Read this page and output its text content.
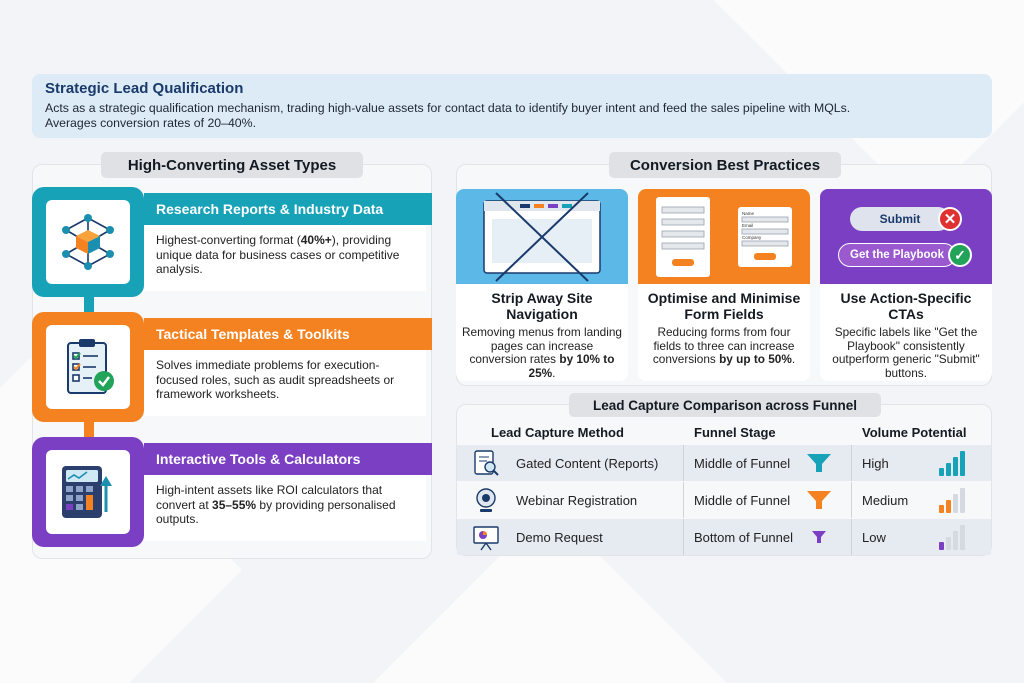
Strategic Lead Qualification

Acts as a strategic qualification mechanism, trading high-value assets for contact data to identify buyer intent and feed the sales pipeline with MQLs.
Averages conversion rates of 20–40%.

High-Converting Asset Types
Research Reports & Industry Data
Highest-converting format (40%+), providing unique data for business cases or competitive analysis.
Tactical Templates & Toolkits
Solves immediate problems for execution-focused roles, such as audit spreadsheets or framework worksheets.
Interactive Tools & Calculators
High-intent assets like ROI calculators that convert at 35–55% by providing personalised outputs.
Conversion Best Practices
Strip Away Site Navigation
Removing menus from landing pages can increase conversion rates by 10% to 25%.
Name
Email
Company
Optimise and Minimise Form Fields
Reducing forms from four fields to three can increase conversions by up to 50%.
Submit	✕
Get the Playbook ✓
Use Action-Specific CTAs
Specific labels like "Get the Playbook" consistently outperform generic "Submit" buttons.
Lead Capture Comparison across Funnel
Lead Capture Method	Funnel Stage	Volume Potential
Gated Content (Reports)	Middle of Funnel	High
Webinar Registration	Middle of Funnel	Medium
Demo Request	Bottom of Funnel	Low
